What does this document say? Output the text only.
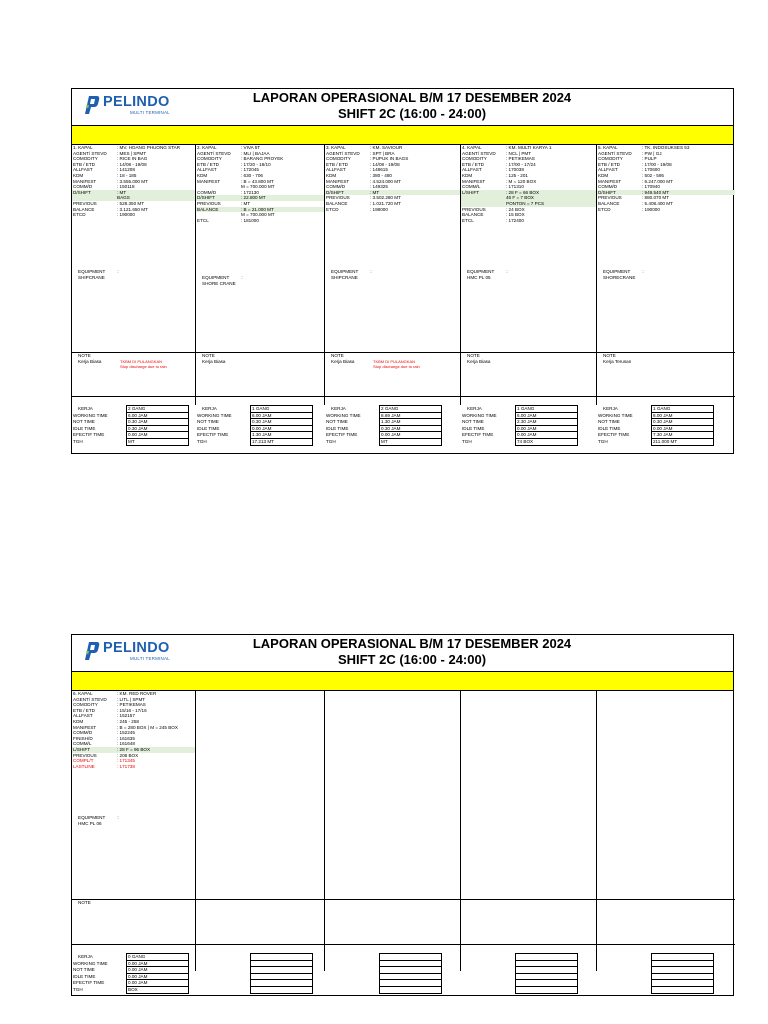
PELINDO
MULTI TERMINAL
LAPORAN OPERASIONAL B/M 17 DESEMBER 2024
SHIFT 2C (16:00 - 24:00)
1. KAPAL	: MV. HOANG PHUONG STAR
AGENT/ STEVD	: MES | SPMT
COMODITY	: RICE IN BAG
ETB / ETD	: 14/08 - 19/08
ALLFAST	: 141208
KDM	: 18 - 185
MANIFEST	: 3.555.000 MT
COMM/D	: 150118
D/SHIFT	: MT
BAGS
PREVIOUS	: 528.350 MT
BALANCE	: 3.121.650 MT
ETCD	: 190000
EQUIPMENT	:
SHIPCRANE
NOTE
Kerja Biasa	TKBM DI PULANGKAN
Stop discharge due to rain
KERJA	2 GANG
WORKING TIME	6.00 JAM
NOT TIME	0.30 JAM
IDLE TIME	0.30 JAM
EFECTIF TIME	0.00 JAM
TGH	MT
2. KAPAL	: VIVA 5T
AGENT/ STEVD	: MLI | BAJAA
COMODITY	: BARANG PROYEK
ETB / ETD	: 17/20 - 18/10
ALLFAST	: 172045
KDM	: 630 - 706
MANIFEST	: B = 43.800 MT
M = 700.000 MT
COMM/D	: 172130
D/SHIFT	: 22.800 MT
PREVIOUS	: MT
BALANCE	: B = 21.000 MT
M = 700.000 MT
ETCL	: 181000
EQUIPMENT	:
SHORE CRANE
NOTE
Kerja Biasa
KERJA	1 GANG
WORKING TIME	6.00 JAM
NOT TIME	0.30 JAM
IDLE TIME	0.00 JAM
EFECTIF TIME	1.30 JAM
TGH	17.213 MT
3. KAPAL	: KM. SAVIOUR
AGENT/ STEVD	: SPT | BRA
COMODITY	: PUPUK IN BAGS
ETB / ETD	: 14/08 - 19/08
ALLFAST	: 148615
KDM	: 380 - 480
MANIFEST	: 4.524.000 MT
COMM/D	: 149325
D/SHIFT	: MT
PREVIOUS	: 3.502.280 MT
BALANCE	: 1.021.720 MT
ETCD	: 198000
EQUIPMENT	:
SHIPCRANE
NOTE
Kerja Biasa	TKBM DI PULANGKAN
Stop discharge due to rain
KERJA	2 GANG
WORKING TIME	8.69 JAM
NOT TIME	1.30 JAM
IDLE TIME	0.30 JAM
EFECTIF TIME	0.00 JAM
TGH	MT
4. KAPAL	: KM. MULTI KARYA 1
AGENT/ STEVD	: NCL | PMT
COMODITY	: PETIKEMAS
ETB / ETD	: 17/00 - 17/24
ALLFAST	: 170038
KDM	: 125 - 201
MANIFEST	: M = 120 BOX
COMM/L	: 171310
L/SHIFT	: 28 F = 66 BOX
46 F = 7 BOX
PONTON = 7 PCS
PREVIOUS	: 24 BOX
BALANCE	: 15 BOX
ETCL	: 172400
EQUIPMENT	:
HMC PL 05
NOTE
Kerja Biasa
KERJA	1 GANG
WORKING TIME	6.00 JAM
NOT TIME	2.30 JAM
IDLE TIME	0.00 JAM
EFECTIF TIME	0.00 JAM
TGH	74 BOX
5. KAPAL	: TK. INDOSUKSES 53
AGENT/ STEVD	: PW | GJ
COMODITY	: PULP
ETB / ETD	: 17/00 - 19/08
ALLFAST	: 170600
KDM	: 502 - 595
MANIFEST	: 6.247.000 MT
COMM/D	: 170940
D/SHIFT	: 949.540 MT
PREVIOUS	: 880.070 MT
BALANCE	: 5.408.400 MT
ETCD	: 190000
EQUIPMENT	:
SHORECRANE
NOTE
Kerja Terusan
KERJA	1 GANG
WORKING TIME	8.00 JAM
NOT TIME	0.30 JAM
IDLE TIME	0.00 JAM
EFECTIF TIME	7.30 JAM
TGH	211.000 MT
PELINDO
MULTI TERMINAL
LAPORAN OPERASIONAL B/M 17 DESEMBER 2024
SHIFT 2C (16:00 - 24:00)
6. KAPAL	: KM. RED ROVER
AGENT/ STEVD	: LITL | SPMT
COMODITY	: PETIKEMAS
ETB / ETD	: 15/16 - 17/16
ALLFAST	: 152157
KDM	: 245 - 258
MANIFEST	: B = 280 BOX | M = 245 BOX
COMM/D	: 152245
FINISH/D	: 161635
COMM/L	: 161648
L/SHIFT	: 28 F = 96 BOX
PREVIOUS	: 208 BOX
COMPL/T	: 171345
LASTLINE	: 171738
EQUIPMENT	:
HMC PL 06
NOTE
KERJA	0 GANG
WORKING TIME	0.00 JAM
NOT TIME	0.00 JAM
IDLE TIME	0.00 JAM
EFECTIF TIME	0.00 JAM
TGH	BOX
